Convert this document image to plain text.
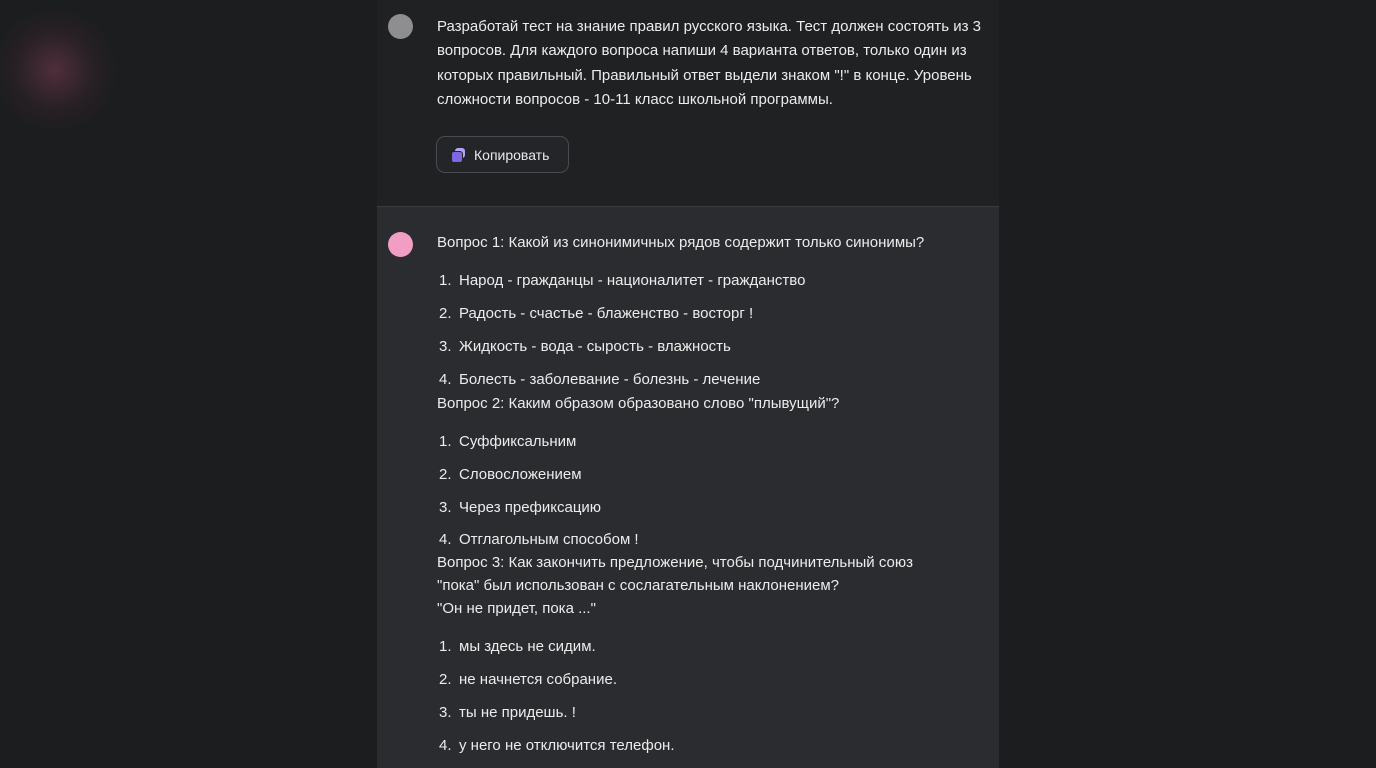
Разработай тест на знание правил русского языка. Тест должен состоять из 3 вопросов. Для каждого вопроса напиши 4 варианта ответов, только один из которых правильный. Правильный ответ выдели знаком "!" в конце. Уровень сложности вопросов - 10-11 класс школьной программы.
Копировать
Вопрос 1: Какой из синонимичных рядов содержит только синонимы?
1. Народ - гражданцы - националитет - гражданство
2. Радость - счастье - блаженство - восторг !
3. Жидкость - вода - сырость - влажность
4. Болесть - заболевание - болезнь - лечение
Вопрос 2: Каким образом образовано слово "плывущий"?
1. Суффиксальним
2. Словосложением
3. Через префиксацию
4. Отглагольным способом !
Вопрос 3: Как закончить предложение, чтобы подчинительный союз
"пока" был использован с сослагательным наклонением?
"Он не придет, пока ..."
1. мы здесь не сидим.
2. не начнется собрание.
3. ты не придешь. !
4. у него не отключится телефон.
